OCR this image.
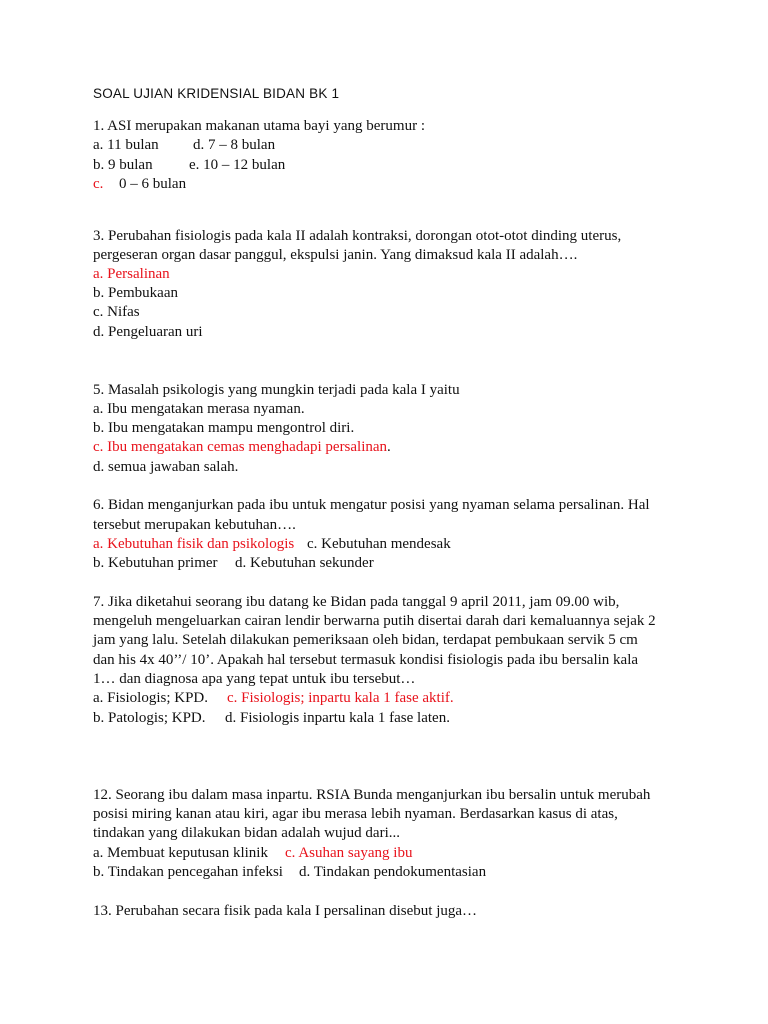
SOAL UJIAN KRIDENSIAL BIDAN BK 1
1. ASI merupakan makanan utama bayi yang berumur :
a. 11 bulan d. 7 – 8 bulan
b. 9 bulan e. 10 – 12 bulan
c. 0 – 6 bulan
3. Perubahan fisiologis pada kala II adalah kontraksi, dorongan otot-otot dinding uterus,
pergeseran organ dasar panggul, ekspulsi janin. Yang dimaksud kala II adalah….
a. Persalinan
b. Pembukaan
c. Nifas
d. Pengeluaran uri
5. Masalah psikologis yang mungkin terjadi pada kala I yaitu
a. Ibu mengatakan merasa nyaman.
b. Ibu mengatakan mampu mengontrol diri.
c. Ibu mengatakan cemas menghadapi persalinan.
d. semua jawaban salah.
6. Bidan menganjurkan pada ibu untuk mengatur posisi yang nyaman selama persalinan. Hal
tersebut merupakan kebutuhan….
a. Kebutuhan fisik dan psikologis c. Kebutuhan mendesak
b. Kebutuhan primer d. Kebutuhan sekunder
7. Jika diketahui seorang ibu datang ke Bidan pada tanggal 9 april 2011, jam 09.00 wib,
mengeluh mengeluarkan cairan lendir berwarna putih disertai darah dari kemaluannya sejak 2
jam yang lalu. Setelah dilakukan pemeriksaan oleh bidan, terdapat pembukaan servik 5 cm
dan his 4x 40’’/ 10’. Apakah hal tersebut termasuk kondisi fisiologis pada ibu bersalin kala
1… dan diagnosa apa yang tepat untuk ibu tersebut…
a. Fisiologis; KPD. c. Fisiologis; inpartu kala 1 fase aktif.
b. Patologis; KPD. d. Fisiologis inpartu kala 1 fase laten.
12. Seorang ibu dalam masa inpartu. RSIA Bunda menganjurkan ibu bersalin untuk merubah
posisi miring kanan atau kiri, agar ibu merasa lebih nyaman. Berdasarkan kasus di atas,
tindakan yang dilakukan bidan adalah wujud dari...
a. Membuat keputusan klinik c. Asuhan sayang ibu
b. Tindakan pencegahan infeksi d. Tindakan pendokumentasian
13. Perubahan secara fisik pada kala I persalinan disebut juga…
